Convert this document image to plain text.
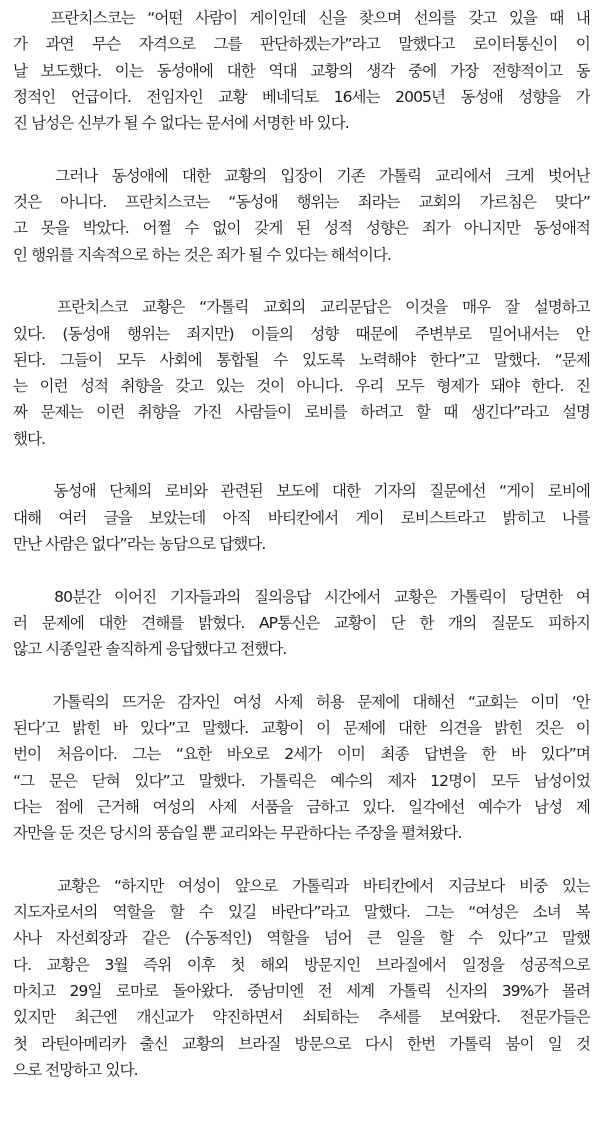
프란치스코는 “어떤 사람이 게이인데 신을 찾으며 선의를 갖고 있을 때 내
가 과연 무슨 자격으로 그를 판단하겠는가”라고 말했다고 로이터통신이 이
날 보도했다. 이는 동성애에 대한 역대 교황의 생각 중에 가장 전향적이고 동
정적인 언급이다. 전임자인 교황 베네딕토 16세는 2005년 동성애 성향을 가
진 남성은 신부가 될 수 없다는 문서에 서명한 바 있다.
그러나 동성애에 대한 교황의 입장이 기존 가톨릭 교리에서 크게 벗어난
것은 아니다. 프란치스코는 “동성애 행위는 죄라는 교회의 가르침은 맞다”
고 못을 박았다. 어쩔 수 없이 갖게 된 성적 성향은 죄가 아니지만 동성애적
인 행위를 지속적으로 하는 것은 죄가 될 수 있다는 해석이다.
프란치스코 교황은 “가톨릭 교회의 교리문답은 이것을 매우 잘 설명하고
있다. (동성애 행위는 죄지만) 이들의 성향 때문에 주변부로 밀어내서는 안
된다. 그들이 모두 사회에 통합될 수 있도록 노력해야 한다”고 말했다. “문제
는 이런 성적 취향을 갖고 있는 것이 아니다. 우리 모두 형제가 돼야 한다. 진
짜 문제는 이런 취향을 가진 사람들이 로비를 하려고 할 때 생긴다”라고 설명
했다.
동성애 단체의 로비와 관련된 보도에 대한 기자의 질문에선 “게이 로비에
대해 여러 글을 보았는데 아직 바티칸에서 게이 로비스트라고 밝히고 나를
만난 사람은 없다”라는 농담으로 답했다.
80분간 이어진 기자들과의 질의응답 시간에서 교황은 가톨릭이 당면한 여
러 문제에 대한 견해를 밝혔다. AP통신은 교황이 단 한 개의 질문도 피하지
않고 시종일관 솔직하게 응답했다고 전했다.
가톨릭의 뜨거운 감자인 여성 사제 허용 문제에 대해선 “교회는 이미 ‘안
된다’고 밝힌 바 있다”고 말했다. 교황이 이 문제에 대한 의견을 밝힌 것은 이
번이 처음이다. 그는 “요한 바오로 2세가 이미 최종 답변을 한 바 있다”며
“그 문은 닫혀 있다”고 말했다. 가톨릭은 예수의 제자 12명이 모두 남성이었
다는 점에 근거해 여성의 사제 서품을 금하고 있다. 일각에선 예수가 남성 제
자만을 둔 것은 당시의 풍습일 뿐 교리와는 무관하다는 주장을 펼쳐왔다.
교황은 “하지만 여성이 앞으로 가톨릭과 바티칸에서 지금보다 비중 있는
지도자로서의 역할을 할 수 있길 바란다”라고 말했다. 그는 “여성은 소녀 복
사나 자선회장과 같은 (수동적인) 역할을 넘어 큰 일을 할 수 있다”고 말했
다. 교황은 3월 즉위 이후 첫 해외 방문지인 브라질에서 일정을 성공적으로
마치고 29일 로마로 돌아왔다. 중남미엔 전 세계 가톨릭 신자의 39%가 몰려
있지만 최근엔 개신교가 약진하면서 쇠퇴하는 추세를 보여왔다. 전문가들은
첫 라틴아메리카 출신 교황의 브라질 방문으로 다시 한번 가톨릭 붐이 일 것
으로 전망하고 있다.
